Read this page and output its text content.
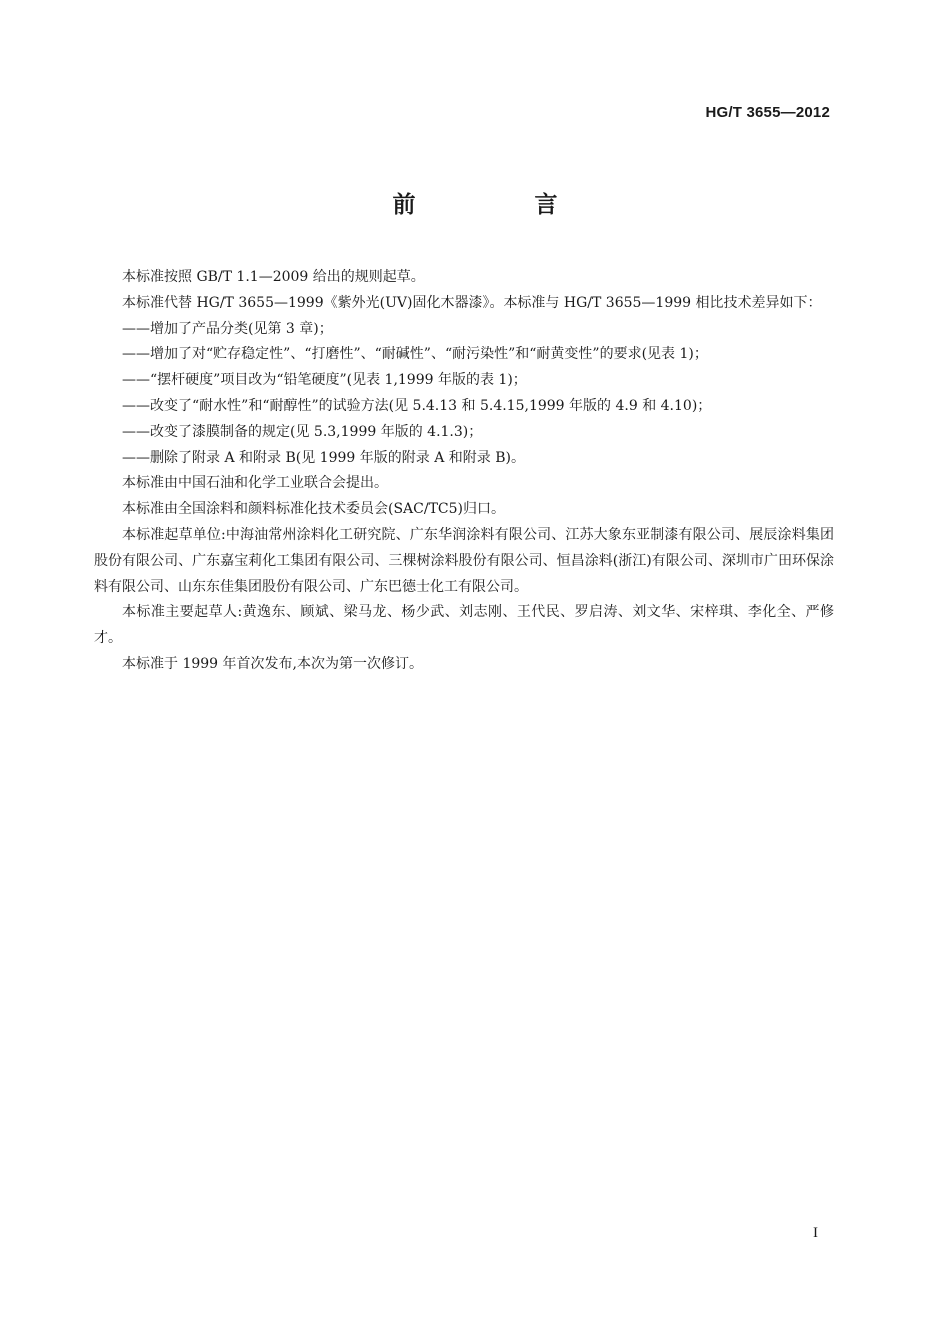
HG/T 3655—2012
前　言

本标准按照 GB/T 1.1—2009 给出的规则起草。

本标准代替 HG/T 3655—1999《紫外光(UV)固化木器漆》。本标准与 HG/T 3655—1999 相比技术差异如下：

——增加了产品分类(见第 3 章)；

——增加了对“贮存稳定性”、“打磨性”、“耐碱性”、“耐污染性”和“耐黄变性”的要求(见表 1)；

——“摆杆硬度”项目改为“铅笔硬度”(见表 1,1999 年版的表 1)；

——改变了“耐水性”和“耐醇性”的试验方法(见 5.4.13 和 5.4.15,1999 年版的 4.9 和 4.10)；

——改变了漆膜制备的规定(见 5.3,1999 年版的 4.1.3)；

——删除了附录 A 和附录 B(见 1999 年版的附录 A 和附录 B)。

本标准由中国石油和化学工业联合会提出。

本标准由全国涂料和颜料标准化技术委员会(SAC/TC5)归口。

本标准起草单位:中海油常州涂料化工研究院、广东华润涂料有限公司、江苏大象东亚制漆有限公司、展辰涂料集团股份有限公司、广东嘉宝莉化工集团有限公司、三棵树涂料股份有限公司、恒昌涂料(浙江)有限公司、深圳市广田环保涂料有限公司、山东东佳集团股份有限公司、广东巴德士化工有限公司。

本标准主要起草人:黄逸东、顾斌、梁马龙、杨少武、刘志刚、王代民、罗启涛、刘文华、宋梓琪、李化全、严修才。

本标准于 1999 年首次发布,本次为第一次修订。

I
